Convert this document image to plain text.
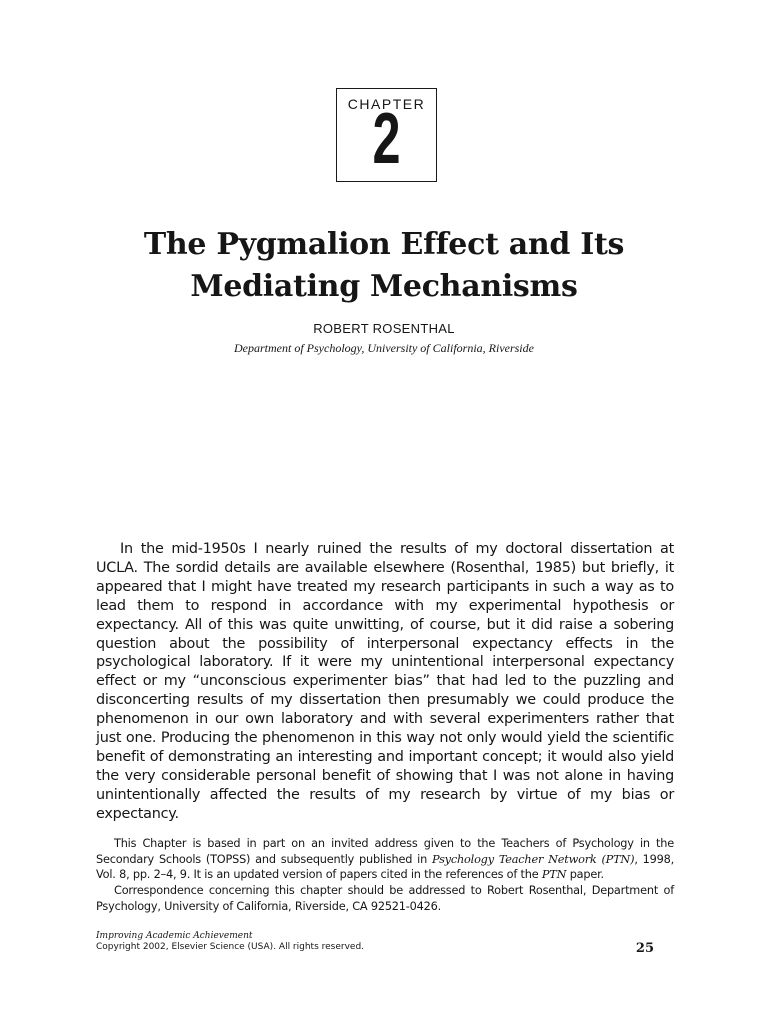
CHAPTER
2
The Pygmalion Effect and Its
Mediating Mechanisms
ROBERT ROSENTHAL
Department of Psychology, University of California, Riverside

In the mid-1950s I nearly ruined the results of my doctoral dissertation at UCLA. The sordid details are available elsewhere (Rosenthal, 1985) but briefly, it appeared that I might have treated my research participants in such a way as to lead them to respond in accordance with my experimental hypothesis or expectancy. All of this was quite unwitting, of course, but it did raise a sobering question about the possibility of interpersonal expectancy effects in the psychological laboratory. If it were my unintentional interpersonal expectancy effect or my “unconscious experimenter bias” that had led to the puzzling and disconcerting results of my dissertation then presumably we could produce the phenomenon in our own laboratory and with several experimenters rather that just one. Producing the phenomenon in this way not only would yield the scientific benefit of demonstrating an interesting and important concept; it would also yield the very considerable personal benefit of showing that I was not alone in having unintentionally affected the results of my research by virtue of my bias or expectancy.

This Chapter is based in part on an invited address given to the Teachers of Psychology in the Secondary Schools (TOPSS) and subsequently published in Psychology Teacher Network (PTN), 1998, Vol. 8, pp. 2–4, 9. It is an updated version of papers cited in the references of the PTN paper.

Correspondence concerning this chapter should be addressed to Robert Rosenthal, Department of Psychology, University of California, Riverside, CA 92521-0426.

Improving Academic Achievement
Copyright 2002, Elsevier Science (USA). All rights reserved.	25
